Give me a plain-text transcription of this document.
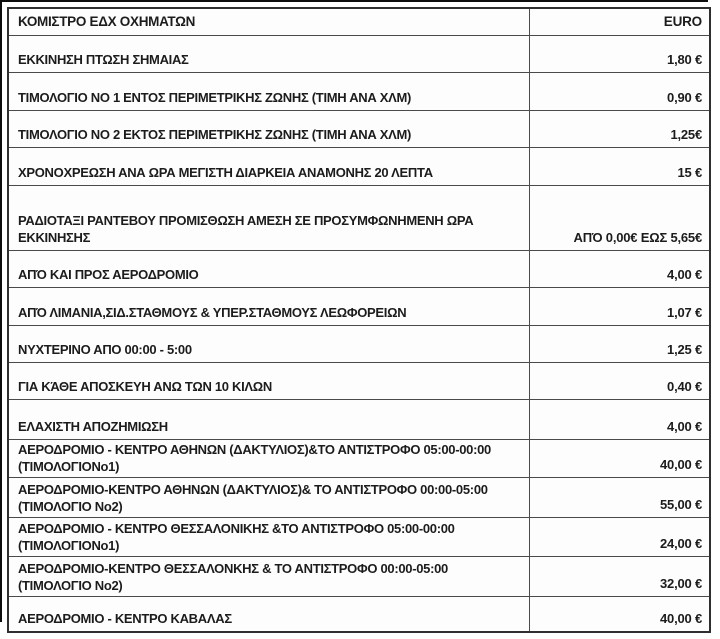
ΚΟΜΙΣΤΡΟ ΕΔΧ ΟΧΗΜΑΤΩΝ	EURO
ΕΚΚΙΝΗΣΗ ΠΤΩΣΗ ΣΗΜΑΙΑΣ	1,80 €
ΤΙΜΟΛΟΓΙΟ ΝΟ 1 ΕΝΤΟΣ ΠΕΡΙΜΕΤΡΙΚΗΣ ΖΩΝΗΣ (ΤΙΜΗ ΑΝΑ ΧΛΜ)	0,90 €
ΤΙΜΟΛΟΓΙΟ ΝΟ 2 ΕΚΤΟΣ ΠΕΡΙΜΕΤΡΙΚΗΣ ΖΩΝΗΣ (ΤΙΜΗ ΑΝΑ ΧΛΜ)	1,25€
ΧΡΟΝΟΧΡΕΩΣΗ ΑΝΑ ΩΡΑ ΜΕΓΙΣΤΗ ΔΙΑΡΚΕΙΑ ΑΝΑΜΟΝΗΣ 20 ΛΕΠΤΑ	15 €
ΡΑΔΙΟΤΑΞΙ ΡΑΝΤΕΒΟΥ ΠΡΟΜΙΣΘΩΣΗ ΑΜΕΣΗ ΣΕ ΠΡΟΣΥΜΦΩΝΗΜΕΝΗ ΩΡΑ
ΕΚΚΙΝΗΣΗΣ	ΑΠΌ 0,00€ ΕΩΣ 5,65€
ΑΠΌ ΚΑΙ ΠΡΟΣ ΑΕΡΟΔΡΟΜΙΟ	4,00 €
ΑΠΌ ΛΙΜΑΝΙΑ,ΣΙΔ.ΣΤΑΘΜΟΥΣ & ΥΠΕΡ.ΣΤΑΘΜΟΥΣ ΛΕΩΦΟΡΕΙΩΝ	1,07 €
ΝΥΧΤΕΡΙΝΟ ΑΠΟ 00:00 - 5:00	1,25 €
ΓΙΑ ΚΆΘΕ ΑΠΟΣΚΕΥΗ ΑΝΩ ΤΩΝ 10 ΚΙΛΩΝ	0,40 €
ΕΛΑΧΙΣΤΗ ΑΠΟΖΗΜΙΩΣΗ	4,00 €
ΑΕΡΟΔΡΟΜΙΟ - ΚΕΝΤΡΟ ΑΘΗΝΩΝ (ΔΑΚΤΥΛΙΟΣ)&ΤΟ ΑΝΤΙΣΤΡΟΦΟ 05:00-00:00
(ΤΙΜΟΛΟΓΙΟΝο1)	40,00 €
ΑΕΡΟΔΡΟΜΙΟ-ΚΕΝΤΡΟ ΑΘΗΝΩΝ (ΔΑΚΤΥΛΙΟΣ)& ΤΟ ΑΝΤΙΣΤΡΟΦΟ 00:00-05:00
(ΤΙΜΟΛΟΓΙΟ Νο2)	55,00 €
ΑΕΡΟΔΡΟΜΙΟ - ΚΕΝΤΡΟ ΘΕΣΣΑΛΟΝΙΚΗΣ &ΤΟ ΑΝΤΙΣΤΡΟΦΟ 05:00-00:00
(ΤΙΜΟΛΟΓΙΟΝο1)	24,00 €
ΑΕΡΟΔΡΟΜΙΟ-ΚΕΝΤΡΟ ΘΕΣΣΑΛΟΝΚΗΣ & ΤΟ ΑΝΤΙΣΤΡΟΦΟ 00:00-05:00
(ΤΙΜΟΛΟΓΙΟ Νο2)	32,00 €
ΑΕΡΟΔΡΟΜΙΟ - ΚΕΝΤΡΟ ΚΑΒΑΛΑΣ	40,00 €
